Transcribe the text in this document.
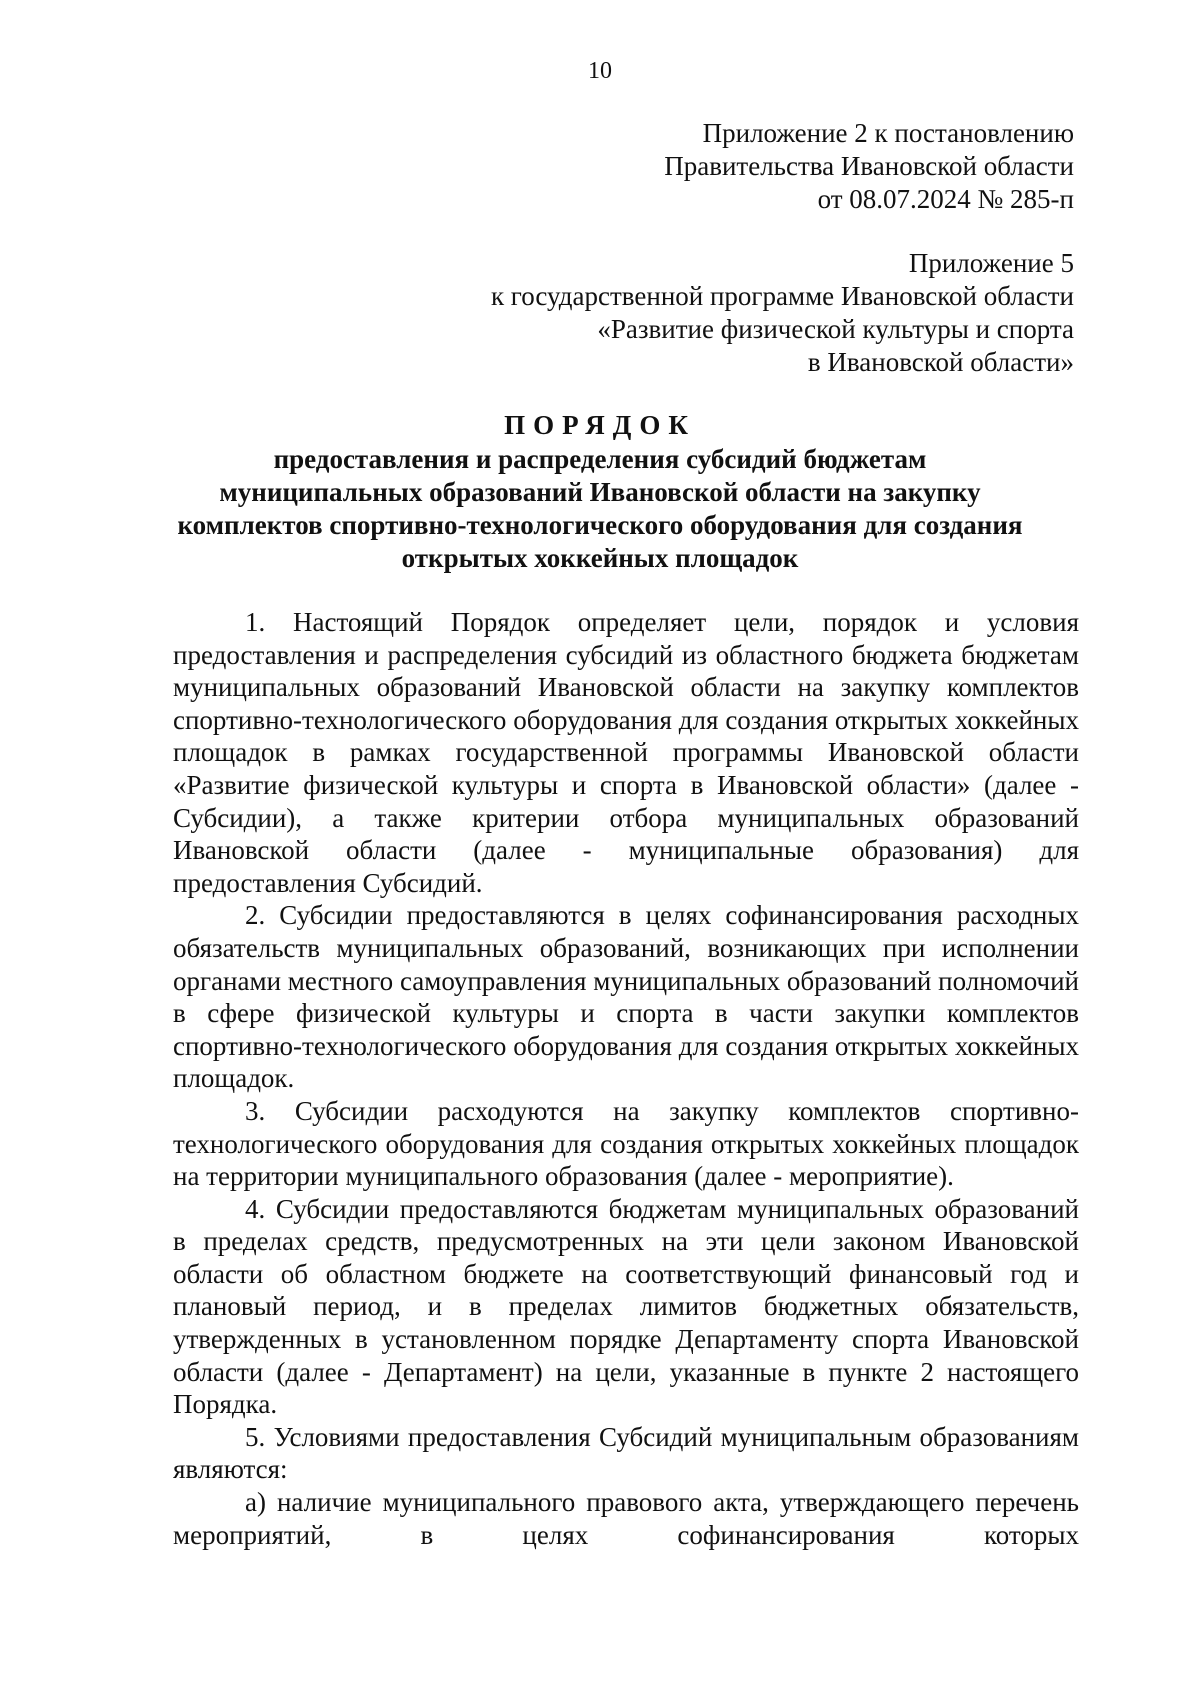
10
Приложение 2 к постановлению
Правительства Ивановской области
от 08.07.2024 № 285-п
Приложение 5
к государственной программе Ивановской области
«Развитие физической культуры и спорта
в Ивановской области»
ПОРЯДОК
предоставления и распределения субсидий бюджетам
муниципальных образований Ивановской области на закупку
комплектов спортивно-технологического оборудования для создания
открытых хоккейных площадок

1. Настоящий Порядок определяет цели, порядок и условия предоставления и распределения субсидий из областного бюджета бюджетам муниципальных образований Ивановской области на закупку комплектов спортивно-технологического оборудования для создания открытых хоккейных площадок в рамках государственной программы Ивановской области «Развитие физической культуры и спорта в Ивановской области» (далее - Субсидии), а также критерии отбора муниципальных образований Ивановской области (далее - муниципальные образования) для предоставления Субсидий.

2. Субсидии предоставляются в целях софинансирования расходных обязательств муниципальных образований, возникающих при исполнении органами местного самоуправления муниципальных образований полномочий в сфере физической культуры и спорта в части закупки комплектов спортивно-технологического оборудования для создания открытых хоккейных площадок.

3. Субсидии расходуются на закупку комплектов спортивно-технологического оборудования для создания открытых хоккейных площадок на территории муниципального образования (далее - мероприятие).

4. Субсидии предоставляются бюджетам муниципальных образований в пределах средств, предусмотренных на эти цели законом Ивановской области об областном бюджете на соответствующий финансовый год и плановый период, и в пределах лимитов бюджетных обязательств, утвержденных в установленном порядке Департаменту спорта Ивановской области (далее - Департамент) на цели, указанные в пункте 2 настоящего Порядка.

5. Условиями предоставления Субсидий муниципальным образованиям являются:

а) наличие муниципального правового акта, утверждающего перечень мероприятий, в целях софинансирования которых
